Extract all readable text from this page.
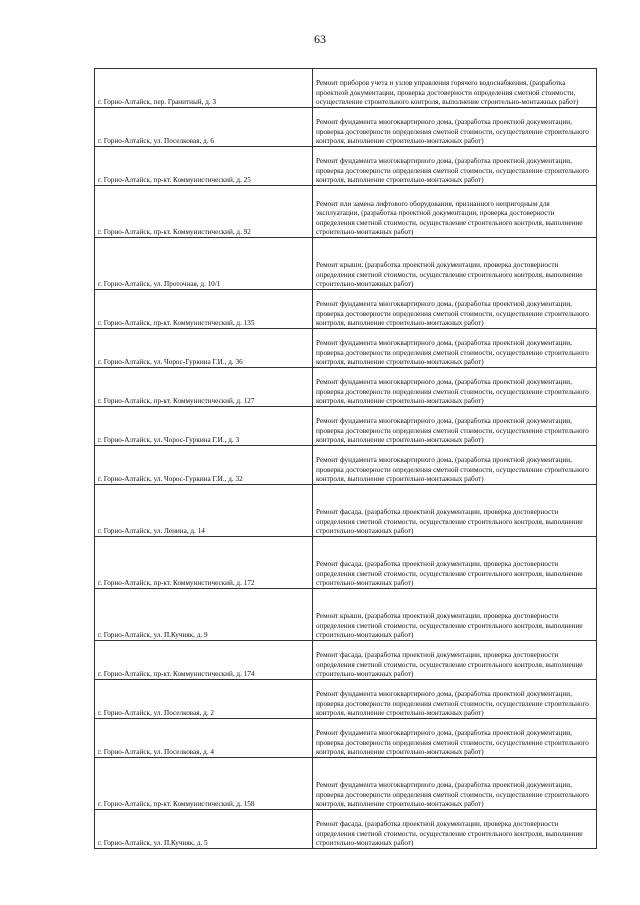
63
г. Горно-Алтайск, пер. Гранитный, д. 3	Ремонт приборов учета и узлов управления горячего водоснабжения, (разработка проектной документации, проверка достоверности определения сметной стоимости, осуществление строительного контроля, выполнение строительно-монтажных работ)
г. Горно-Алтайск, ул. Поселковая, д. 6	Ремонт фундамента многоквартирного дома, (разработка проектной документации, проверка достоверности определения сметной стоимости, осуществление строительного контроля, выполнение строительно-монтажных работ)
г. Горно-Алтайск, пр-кт. Коммунистический, д. 25	Ремонт фундамента многоквартирного дома, (разработка проектной документации, проверка достоверности определения сметной стоимости, осуществление строительного контроля, выполнение строительно-монтажных работ)
г. Горно-Алтайск, пр-кт. Коммунистический, д. 92	Ремонт или замена лифтового оборудования, признанного непригодным для эксплуатации, (разработка проектной документации, проверка достоверности определения сметной стоимости, осуществление строительного контроля, выполнение строительно-монтажных работ)
г. Горно-Алтайск, ул. Проточная, д. 10/1	Ремонт крыши, (разработка проектной документации, проверка достоверности определения сметной стоимости, осуществление строительного контроля, выполнение строительно-монтажных работ)
г. Горно-Алтайск, пр-кт. Коммунистический, д. 135	Ремонт фундамента многоквартирного дома, (разработка проектной документации, проверка достоверности определения сметной стоимости, осуществление строительного контроля, выполнение строительно-монтажных работ)
г. Горно-Алтайск, ул. Чорос-Гуркина Г.И., д. 36	Ремонт фундамента многоквартирного дома, (разработка проектной документации, проверка достоверности определения сметной стоимости, осуществление строительного контроля, выполнение строительно-монтажных работ)
г. Горно-Алтайск, пр-кт. Коммунистический, д. 127	Ремонт фундамента многоквартирного дома, (разработка проектной документации, проверка достоверности определения сметной стоимости, осуществление строительного контроля, выполнение строительно-монтажных работ)
г. Горно-Алтайск, ул. Чорос-Гуркина Г.И., д. 3	Ремонт фундамента многоквартирного дома, (разработка проектной документации, проверка достоверности определения сметной стоимости, осуществление строительного контроля, выполнение строительно-монтажных работ)
г. Горно-Алтайск, ул. Чорос-Гуркина Г.И., д. 32	Ремонт фундамента многоквартирного дома, (разработка проектной документации, проверка достоверности определения сметной стоимости, осуществление строительного контроля, выполнение строительно-монтажных работ)
г. Горно-Алтайск, ул. Ленина, д. 14	Ремонт фасада, (разработка проектной документации, проверка достоверности определения сметной стоимости, осуществление строительного контроля, выполнение строительно-монтажных работ)
г. Горно-Алтайск, пр-кт. Коммунистический, д. 172	Ремонт фасада, (разработка проектной документации, проверка достоверности определения сметной стоимости, осуществление строительного контроля, выполнение строительно-монтажных работ)
г. Горно-Алтайск, ул. П.Кучияк, д. 9	Ремонт крыши, (разработка проектной документации, проверка достоверности определения сметной стоимости, осуществление строительного контроля, выполнение строительно-монтажных работ)
г. Горно-Алтайск, пр-кт. Коммунистический, д. 174	Ремонт фасада, (разработка проектной документации, проверка достоверности определения сметной стоимости, осуществление строительного контроля, выполнение строительно-монтажных работ)
г. Горно-Алтайск, ул. Поселковая, д. 2	Ремонт фундамента многоквартирного дома, (разработка проектной документации, проверка достоверности определения сметной стоимости, осуществление строительного контроля, выполнение строительно-монтажных работ)
г. Горно-Алтайск, ул. Поселковая, д. 4	Ремонт фундамента многоквартирного дома, (разработка проектной документации, проверка достоверности определения сметной стоимости, осуществление строительного контроля, выполнение строительно-монтажных работ)
г. Горно-Алтайск, пр-кт. Коммунистический, д. 158	Ремонт фундамента многоквартирного дома, (разработка проектной документации, проверка достоверности определения сметной стоимости, осуществление строительного контроля, выполнение строительно-монтажных работ)
г. Горно-Алтайск, ул. П.Кучияк, д. 5	Ремонт фасада, (разработка проектной документации, проверка достоверности определения сметной стоимости, осуществление строительного контроля, выполнение строительно-монтажных работ)
